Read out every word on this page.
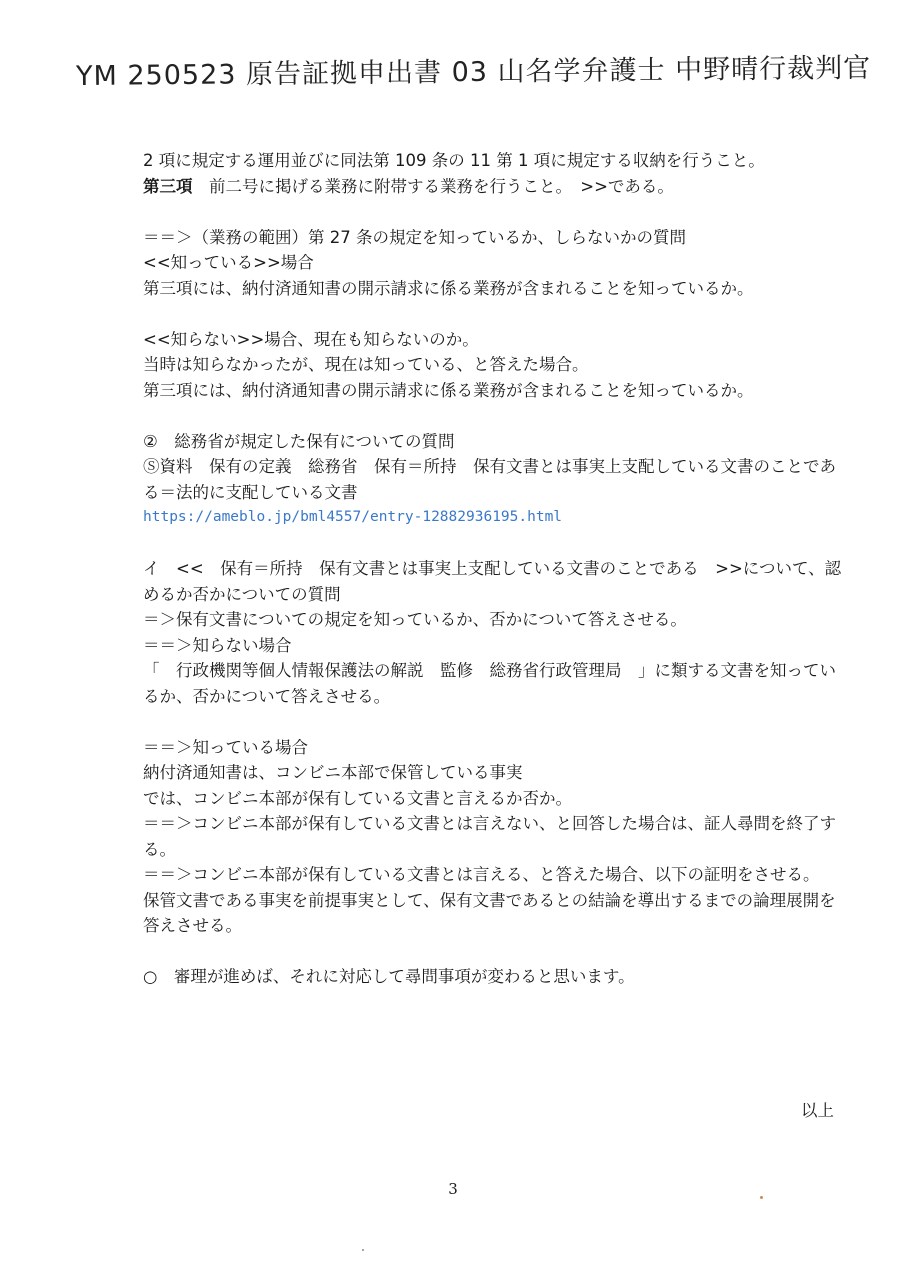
YM 250523 原告証拠申出書 03 山名学弁護士 中野晴行裁判官
2 項に規定する運用並びに同法第 109 条の 11 第 1 項に規定する収納を行うこと。
第三項　前二号に掲げる業務に附帯する業務を行うこと。　>>である。
＝＝＞（業務の範囲）第 27 条の規定を知っているか、しらないかの質問
<<知っている>>場合
第三項には、納付済通知書の開示請求に係る業務が含まれることを知っているか。
<<知らない>>場合、現在も知らないのか。
当時は知らなかったが、現在は知っている、と答えた場合。
第三項には、納付済通知書の開示請求に係る業務が含まれることを知っているか。
②　総務省が規定した保有についての質問
Ⓢ資料　保有の定義　総務省　保有＝所持　保有文書とは事実上支配している文書のことである＝法的に支配している文書
https://ameblo.jp/bml4557/entry-12882936195.html
イ　<<　保有＝所持　保有文書とは事実上支配している文書のことである　>>について、認めるか否かについての質問
＝＞保有文書についての規定を知っているか、否かについて答えさせる。
＝＝＞知らない場合
「　行政機関等個人情報保護法の解説　監修　総務省行政管理局　」に類する文書を知っているか、否かについて答えさせる。
＝＝＞知っている場合
納付済通知書は、コンビニ本部で保管している事実
では、コンビニ本部が保有している文書と言えるか否か。
＝＝＞コンビニ本部が保有している文書とは言えない、と回答した場合は、証人尋問を終了する。
＝＝＞コンビニ本部が保有している文書とは言える、と答えた場合、以下の証明をさせる。
保管文書である事実を前提事実として、保有文書であるとの結論を導出するまでの論理展開を答えさせる。
○　審理が進めば、それに対応して尋問事項が変わると思います。
以上
3
